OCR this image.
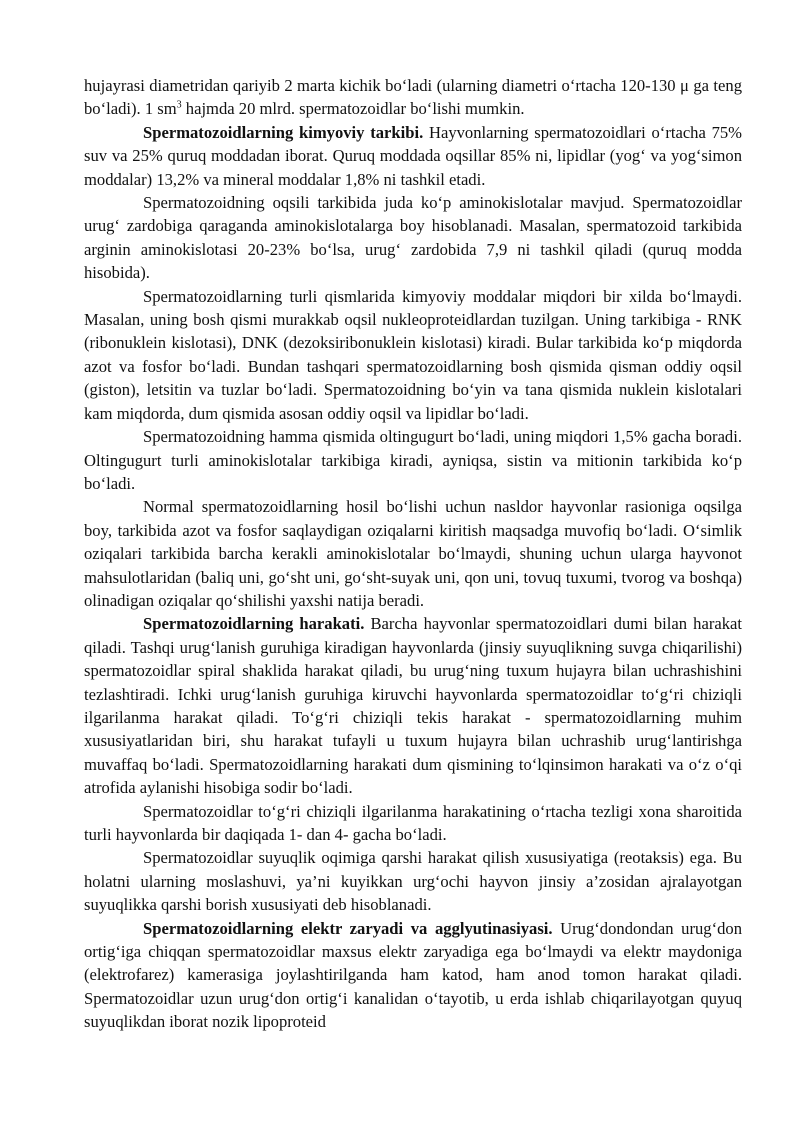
hujayrasi diametridan qariyib 2 marta kichik bo‘ladi (ularning diametri o‘rtacha 120-130 μ ga teng bo‘ladi). 1 $sm^3$ hajmda 20 mlrd. spermatozoidlar bo‘lishi mumkin.

Spermatozoidlarning kimyoviy tarkibi. Hayvonlarning spermatozoidlari o‘rtacha 75% suv va 25% quruq moddadan iborat. Quruq moddada oqsillar 85% ni, lipidlar (yog‘ va yog‘simon moddalar) 13,2% va mineral moddalar 1,8% ni tashkil etadi.

Spermatozoidning oqsili tarkibida juda ko‘p aminokislotalar mavjud. Spermatozoidlar urug‘ zardobiga qaraganda aminokislotalarga boy hisoblanadi. Masalan, spermatozoid tarkibida arginin aminokislotasi 20-23% bo‘lsa, urug‘ zardobida 7,9 ni tashkil qiladi (quruq modda hisobida).

Spermatozoidlarning turli qismlarida kimyoviy moddalar miqdori bir xilda bo‘lmaydi. Masalan, uning bosh qismi murakkab oqsil nukleoproteidlardan tuzilgan. Uning tarkibiga - RNK (ribonuklein kislotasi), DNK (dezoksiribonuklein kislotasi) kiradi. Bular tarkibida ko‘p miqdorda azot va fosfor bo‘ladi. Bundan tashqari spermatozoidlarning bosh qismida qisman oddiy oqsil (giston), letsitin va tuzlar bo‘ladi. Spermatozoidning bo‘yin va tana qismida nuklein kislotalari kam miqdorda, dum qismida asosan oddiy oqsil va lipidlar bo‘ladi.

Spermatozoidning hamma qismida oltingugurt bo‘ladi, uning miqdori 1,5% gacha boradi. Oltingugurt turli aminokislotalar tarkibiga kiradi, ayniqsa, sistin va mitionin tarkibida ko‘p bo‘ladi.

Normal spermatozoidlarning hosil bo‘lishi uchun nasldor hayvonlar rasioniga oqsilga boy, tarkibida azot va fosfor saqlaydigan oziqalarni kiritish maqsadga muvofiq bo‘ladi. O‘simlik oziqalari tarkibida barcha kerakli aminokislotalar bo‘lmaydi, shuning uchun ularga hayvonot mahsulotlaridan (baliq uni, go‘sht uni, go‘sht-suyak uni, qon uni, tovuq tuxumi, tvorog va boshqa) olinadigan oziqalar qo‘shilishi yaxshi natija beradi.

Spermatozoidlarning harakati. Barcha hayvonlar spermatozoidlari dumi bilan harakat qiladi. Tashqi urug‘lanish guruhiga kiradigan hayvonlarda (jinsiy suyuqlikning suvga chiqarilishi) spermatozoidlar spiral shaklida harakat qiladi, bu urug‘ning tuxum hujayra bilan uchrashishini tezlashtiradi. Ichki urug‘lanish guruhiga kiruvchi hayvonlarda spermatozoidlar to‘g‘ri chiziqli ilgarilanma harakat qiladi. To‘g‘ri chiziqli tekis harakat - spermatozoidlarning muhim xususiyatlaridan biri, shu harakat tufayli u tuxum hujayra bilan uchrashib urug‘lantirishga muvaffaq bo‘ladi. Spermatozoidlarning harakati dum qismining to‘lqinsimon harakati va o‘z o‘qi atrofida aylanishi hisobiga sodir bo‘ladi.

Spermatozoidlar to‘g‘ri chiziqli ilgarilanma harakatining o‘rtacha tezligi xona sharoitida turli hayvonlarda bir daqiqada 1- dan 4- gacha bo‘ladi.

Spermatozoidlar suyuqlik oqimiga qarshi harakat qilish xususiyatiga (reotaksis) ega. Bu holatni ularning moslashuvi, ya’ni kuyikkan urg‘ochi hayvon jinsiy a’zosidan ajralayotgan suyuqlikka qarshi borish xususiyati deb hisoblanadi.

Spermatozoidlarning elektr zaryadi va agglyutinasiyasi. Urug‘dondondan urug‘don ortig‘iga chiqqan spermatozoidlar maxsus elektr zaryadiga ega bo‘lmaydi va elektr maydoniga (elektrofarez) kamerasiga joylashtirilganda ham katod, ham anod tomon harakat qiladi. Spermatozoidlar uzun urug‘don ortig‘i kanalidan o‘tayotib, u erda ishlab chiqarilayotgan quyuq suyuqlikdan iborat nozik lipoproteid
